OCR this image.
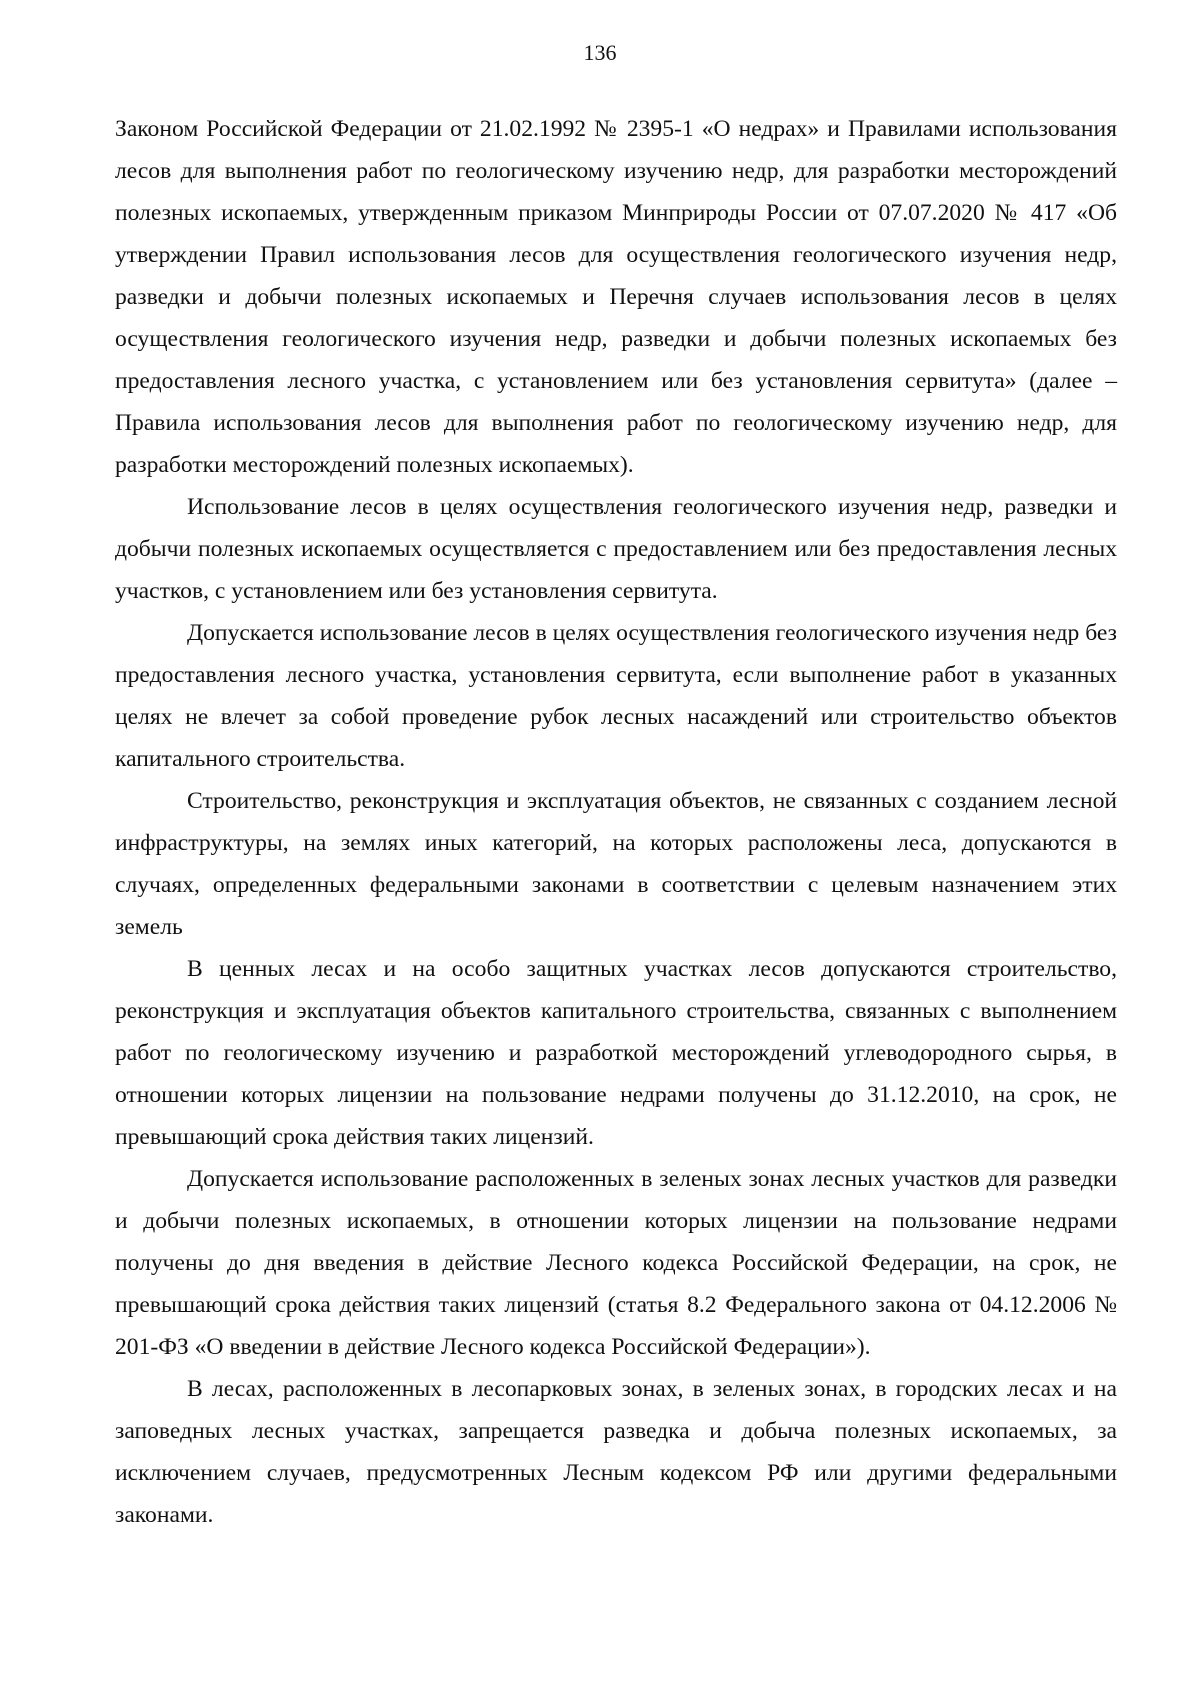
136

Законом Российской Федерации от 21.02.1992 № 2395-1 «О недрах» и Правилами использования лесов для выполнения работ по геологическому изучению недр, для разработки месторождений полезных ископаемых, утвержденным приказом Минприроды России от 07.07.2020 № 417 «Об утверждении Правил использования лесов для осуществления геологического изучения недр, разведки и добычи полезных ископаемых и Перечня случаев использования лесов в целях осуществления геологического изучения недр, разведки и добычи полезных ископаемых без предоставления лесного участка, с установлением или без установления сервитута» (далее – Правила использования лесов для выполнения работ по геологическому изучению недр, для разработки месторождений полезных ископаемых).

Использование лесов в целях осуществления геологического изучения недр, разведки и добычи полезных ископаемых осуществляется с предоставлением или без предоставления лесных участков, с установлением или без установления сервитута.

Допускается использование лесов в целях осуществления геологического изучения недр без предоставления лесного участка, установления сервитута, если выполнение работ в указанных целях не влечет за собой проведение рубок лесных насаждений или строительство объектов капитального строительства.

Строительство, реконструкция и эксплуатация объектов, не связанных с созданием лесной инфраструктуры, на землях иных категорий, на которых расположены леса, допускаются в случаях, определенных федеральными законами в соответствии с целевым назначением этих земель

В ценных лесах и на особо защитных участках лесов допускаются строительство, реконструкция и эксплуатация объектов капитального строительства, связанных с выполнением работ по геологическому изучению и разработкой месторождений углеводородного сырья, в отношении которых лицензии на пользование недрами получены до 31.12.2010, на срок, не превышающий срока действия таких лицензий.

Допускается использование расположенных в зеленых зонах лесных участков для разведки и добычи полезных ископаемых, в отношении которых лицензии на пользование недрами получены до дня введения в действие Лесного кодекса Российской Федерации, на срок, не превышающий срока действия таких лицензий (статья 8.2 Федерального закона от 04.12.2006 № 201-ФЗ «О введении в действие Лесного кодекса Российской Федерации»).

В лесах, расположенных в лесопарковых зонах, в зеленых зонах, в городских лесах и на заповедных лесных участках, запрещается разведка и добыча полезных ископаемых, за исключением случаев, предусмотренных Лесным кодексом РФ или другими федеральными законами.
